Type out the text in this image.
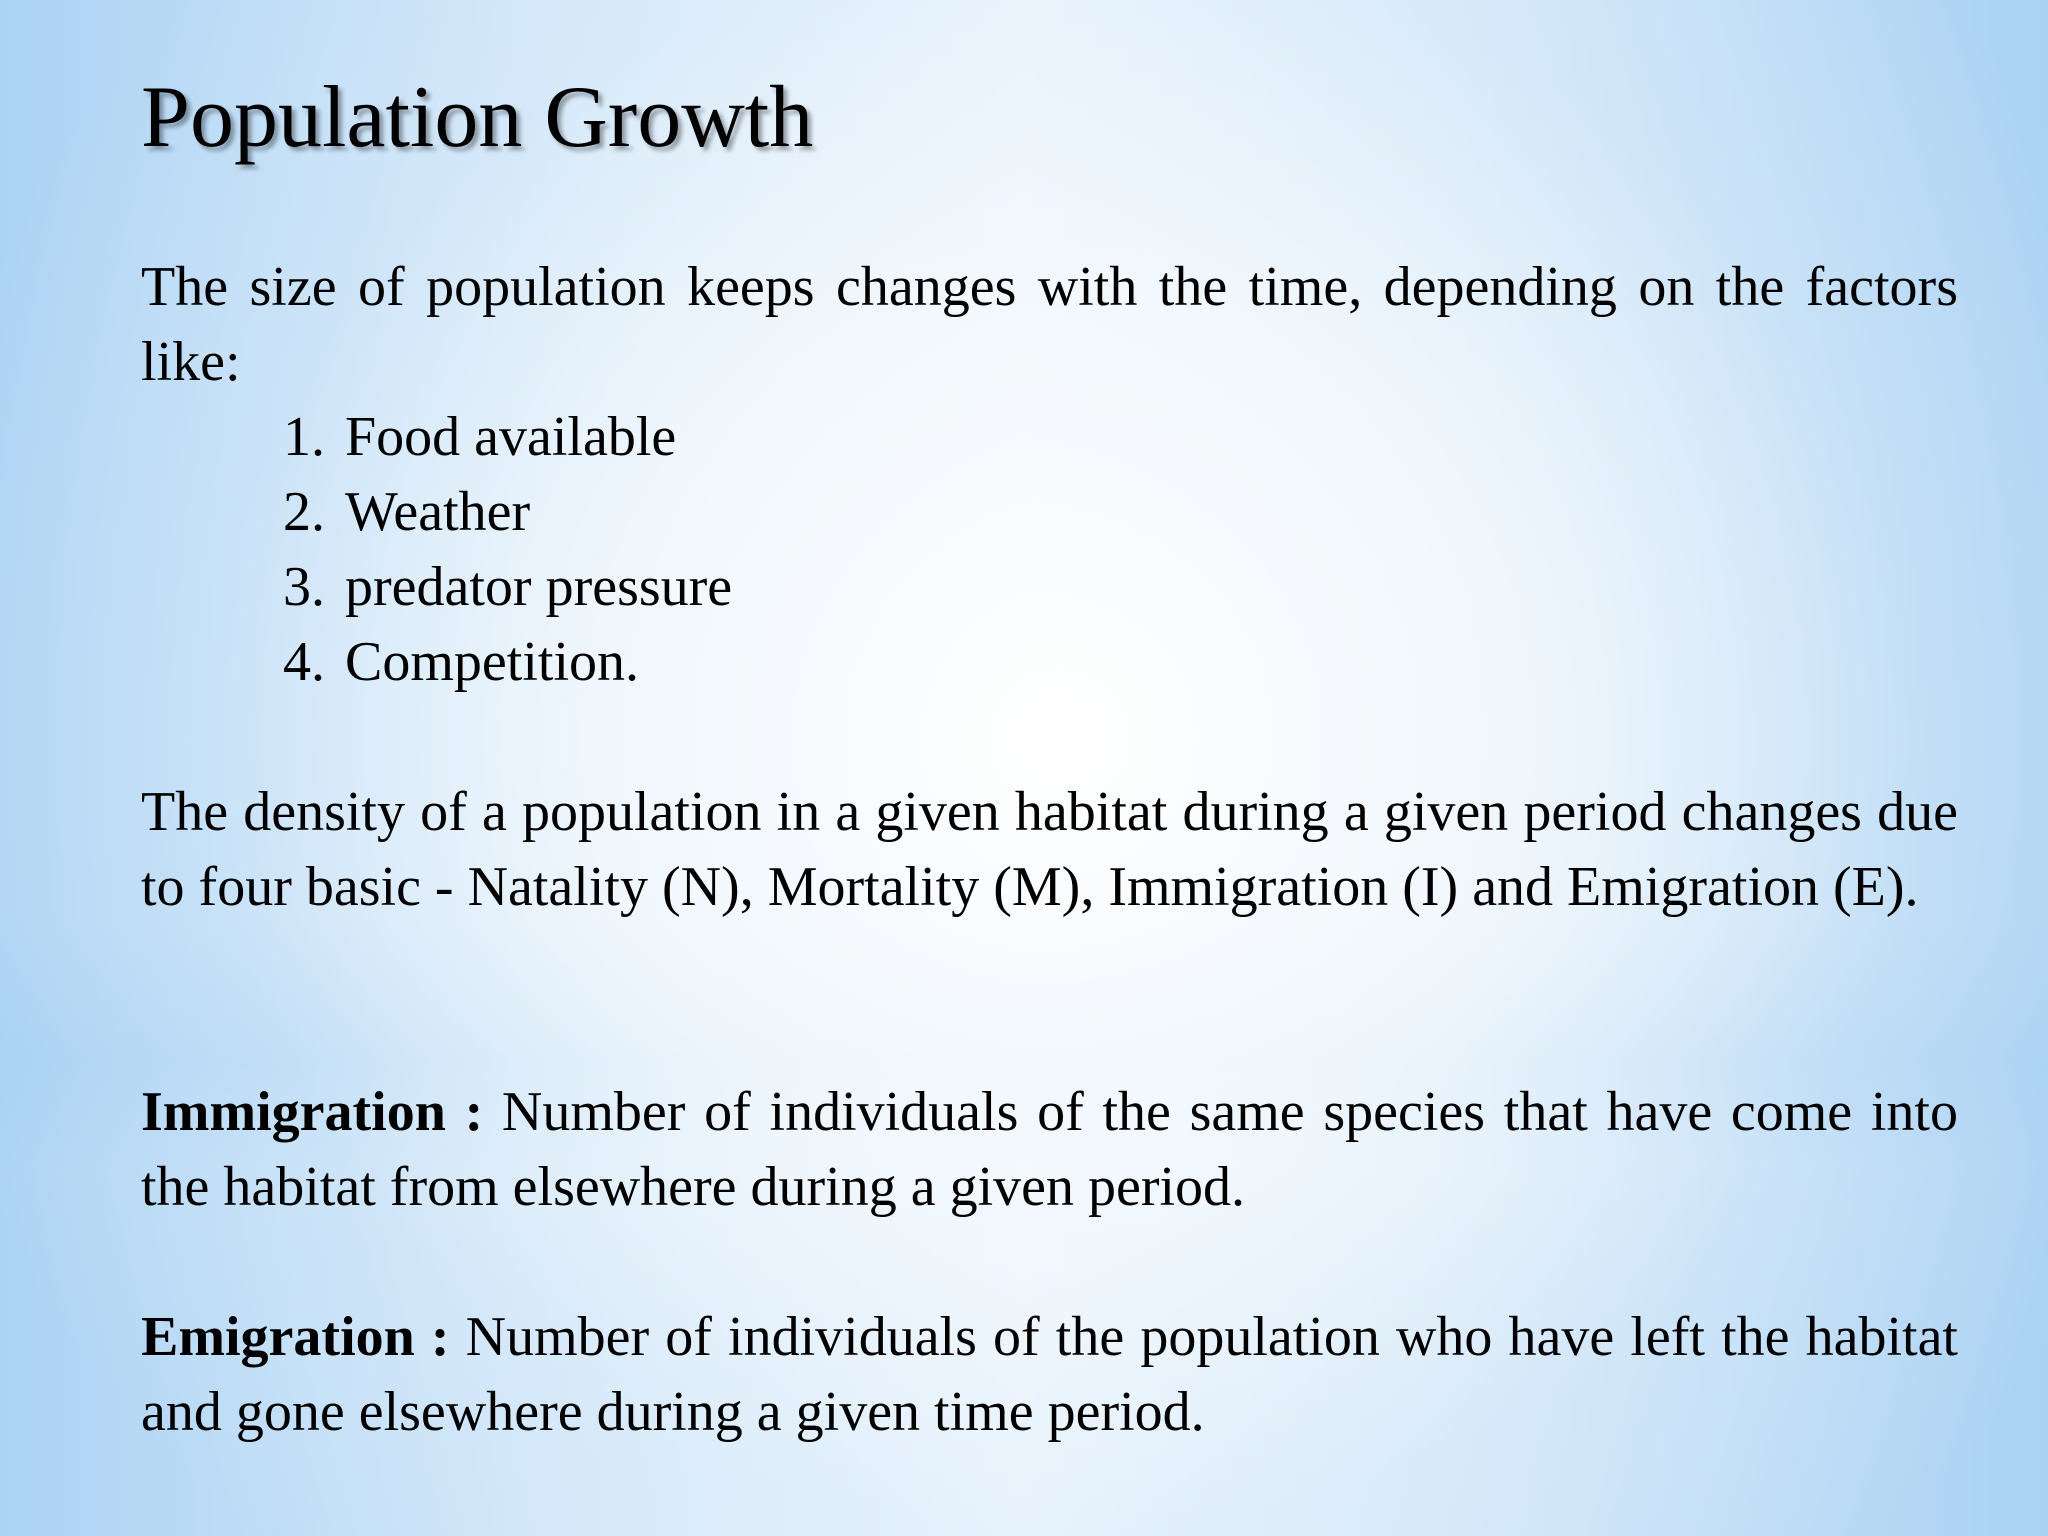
Population Growth

The size of population keeps changes with the time, depending on the factors like:

1. Food available
2. Weather
3. predator pressure
4. Competition.

The density of a population in a given habitat during a given period changes due to four basic - Natality (N), Mortality (M), Immigration (I) and Emigration (E).

Immigration : Number of individuals of the same species that have come into the habitat from elsewhere during a given period.

Emigration : Number of individuals of the population who have left the habitat and gone elsewhere during a given time period.
